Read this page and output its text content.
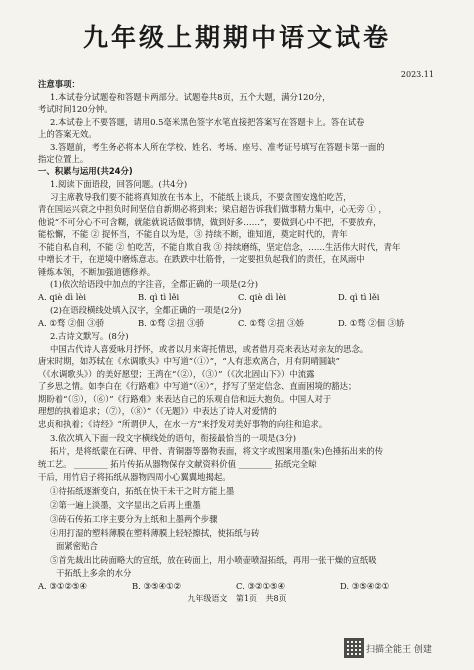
九年级上期期中语文试卷
2023.11
注意事项：
1.本试卷分试题卷和答题卡两部分。试题卷共8页，五个大题，满分120分，
考试时间120分钟。
2.本试卷上不要答题，请用0.5毫米黑色签字水笔直接把答案写在答题卡上。答在试卷
上的答案无效。
3.答题前，考生务必将本人所在学校、姓名、考场、座号、准考证号填写在答题卡第一面的
指定位置上。
一、积累与运用(共24分)
1.阅读下面语段，回答问题。(共4分)
习主席教导我们要不能将真知放在书本上，不能纸上谈兵，不要贪图安逸怕吃苦，
青在国运兴衰之中担负时间坚信自新期必将到来；梁启超告诉我们做事精力集中，心无旁 ① ，
他说“不可分心不可含糊，就能就说话做事情，做到好多……”，要做到心中不把，不要放弃，
能松懈，不能 ② 捉怀当，不能自以为是，③ 持续不断，谁知道，奠定时代的，青年
不能自私自利，不能 ② 怕吃苦，不能自欺自我 ③ 持续磨练，坚定信念，……生活伟大时代，青年
中增长才干，在逆境中磨炼意志。在跌跌中壮筋骨，一定要担负起我们的责任，在风雨中
锤炼本领，不断加强道德修养。
(1)依次给语段中加点的字注音，全都正确的一项是(2分)
A. qiè dì lèi	B. qì tì lěi	C. qiè dì lèi	D. qì tì lěi
(2)在语段横线处填入汉字，全都正确的一项是(2分)
A. ①骛 ②佃 ③骄	B. ①骛 ②扭 ③骄	C. ①骛 ②扭 ③娇	D. ①骛 ②佃 ③娇
2.古诗文默写。(8分)
中国古代诗人喜爱咏月抒怀，或者以月来寄托情思，或者借月亮来表达对亲友的思念。
唐宋时期，如苏轼在《水调歌头》中写道“（①）”，“人有悲欢离合，月有阴晴圆缺”
（《水调歌头》）的美好愿望；王湾在“（②），（③）”（《次北固山下》）中流露
了乡思之情。如李白在《行路难》中写道“（④）”，抒写了坚定信念、直面困境的豁达；
期盼着“（⑤），（⑥）”《行路难》来表达自己的乐观自信和远大抱负。中国人对于
理想的执着追求；（⑦），（⑧）”（《无题》）中表达了诗人对爱情的
忠贞和执着；《诗经》“所谓伊人，在水一方”来抒发对美好事物的向往和追求。
3.依次填入下面一段文字横线处的语句，衔接最恰当的一项是(3分)
拓片，是将纸蒙在石碑、甲骨、青铜器等器物表面，将文字或图案用墨(朱)色捶拓出来的传
统工艺。 ________ 拓片传拓从器物保存文献资料价值 ________ 拓纸完全晾
干后，用竹启子将拓纸从器物四周小心翼翼地揭起。
①待拓纸逐渐变白，拓纸在快干未干之时方能上墨
②第一遍上淡墨，文字显出之后再上重墨
③砖石传拓工序主要分为上纸和上墨两个步骤
④用打湿的塑料薄膜在塑料薄膜上轻轻擦拭，使拓纸与砖
面紧密贴合
⑤首先裁出比砖面略大的宣纸，放在砖面上，用小喷壶喷湿拓纸，再用一张干燥的宣纸吸
干拓纸上多余的水分
A. ③①②⑤④	B. ③⑤④①②	C. ③②①⑤④	D. ③⑤④②①
九年级语文 第1页 共8页
扫描全能王 创建
